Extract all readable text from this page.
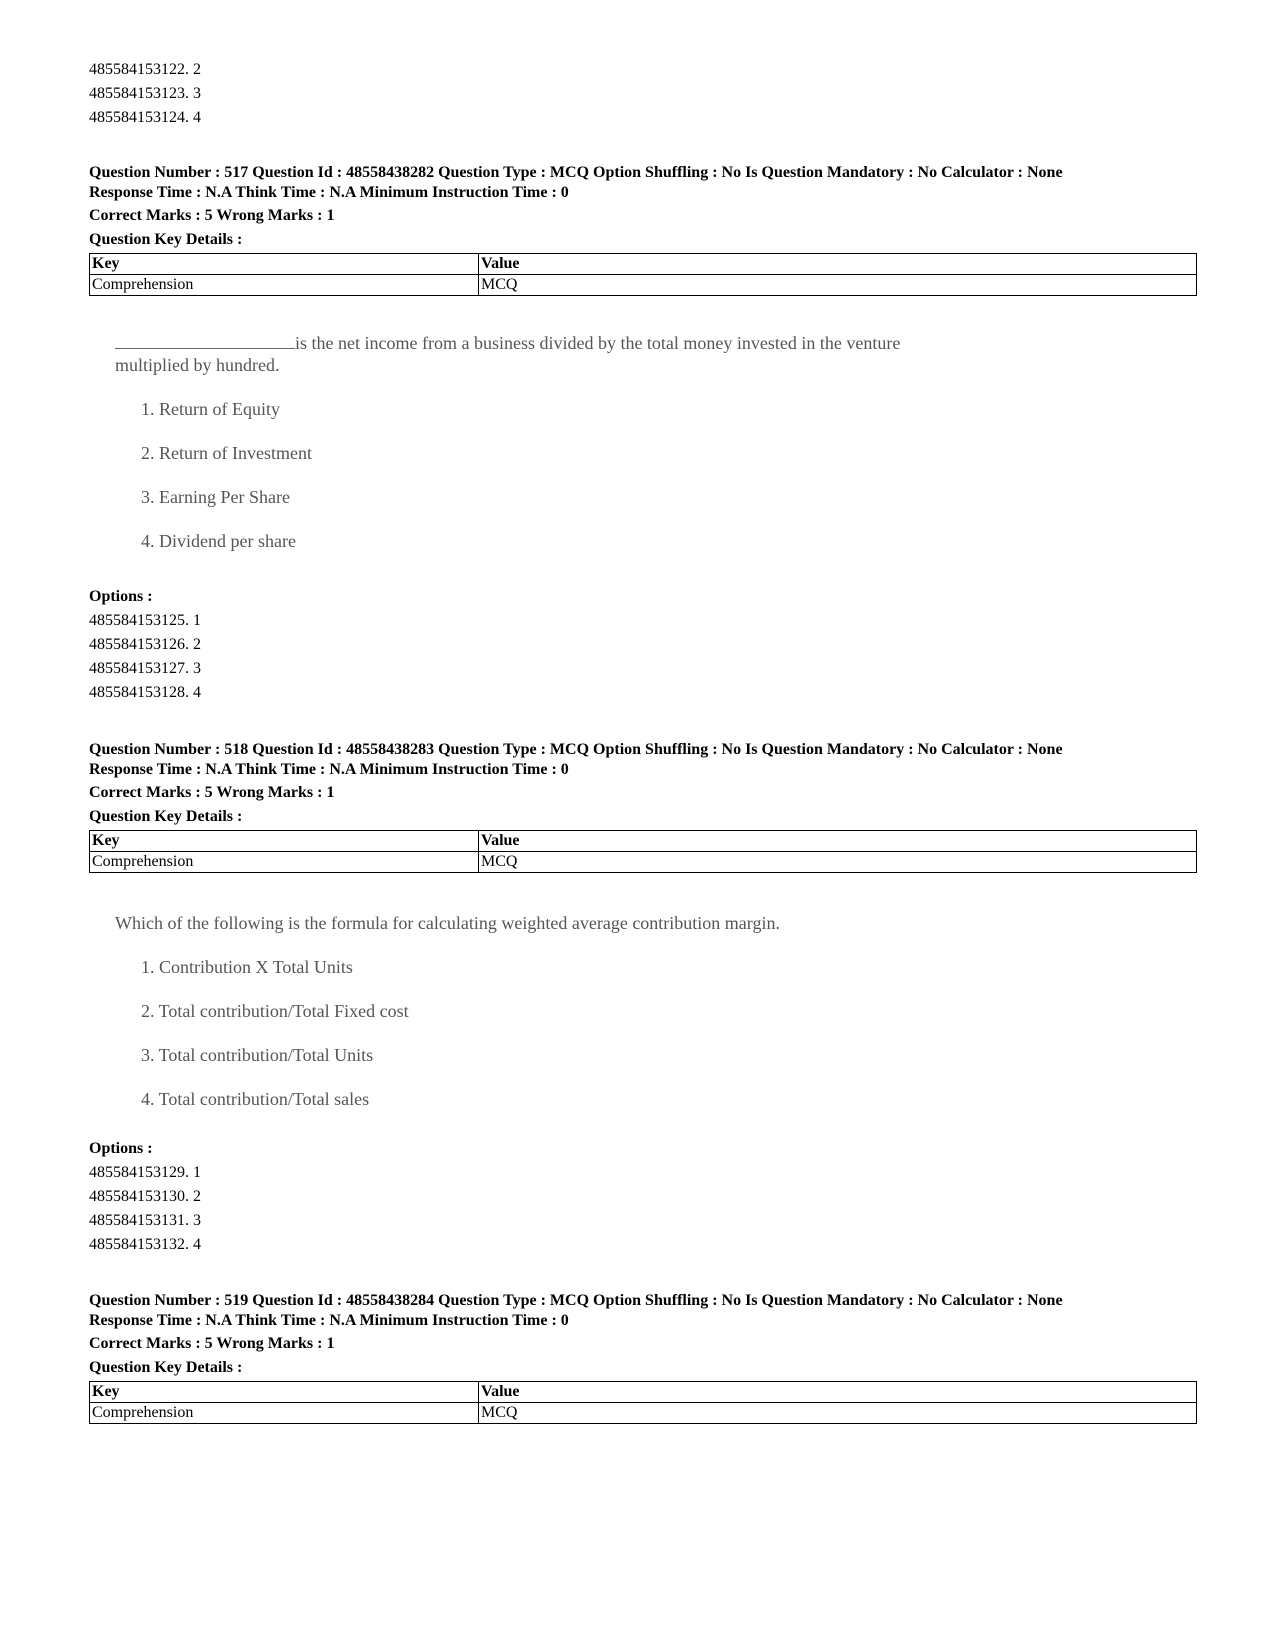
485584153122. 2
485584153123. 3
485584153124. 4
Question Number : 517 Question Id : 48558438282 Question Type : MCQ Option Shuffling : No Is Question Mandatory : No Calculator : None
Response Time : N.A Think Time : N.A Minimum Instruction Time : 0
Correct Marks : 5 Wrong Marks : 1
Question Key Details :
Key	Value
Comprehension	MCQ
is the net income from a business divided by the total money invested in the venture
multiplied by hundred.
1. Return of Equity
2. Return of Investment
3. Earning Per Share
4. Dividend per share
Options :
485584153125. 1
485584153126. 2
485584153127. 3
485584153128. 4
Question Number : 518 Question Id : 48558438283 Question Type : MCQ Option Shuffling : No Is Question Mandatory : No Calculator : None
Response Time : N.A Think Time : N.A Minimum Instruction Time : 0
Correct Marks : 5 Wrong Marks : 1
Question Key Details :
Key	Value
Comprehension	MCQ
Which of the following is the formula for calculating weighted average contribution margin.
1. Contribution X Total Units
2. Total contribution/Total Fixed cost
3. Total contribution/Total Units
4. Total contribution/Total sales
Options :
485584153129. 1
485584153130. 2
485584153131. 3
485584153132. 4
Question Number : 519 Question Id : 48558438284 Question Type : MCQ Option Shuffling : No Is Question Mandatory : No Calculator : None
Response Time : N.A Think Time : N.A Minimum Instruction Time : 0
Correct Marks : 5 Wrong Marks : 1
Question Key Details :
Key	Value
Comprehension	MCQ
